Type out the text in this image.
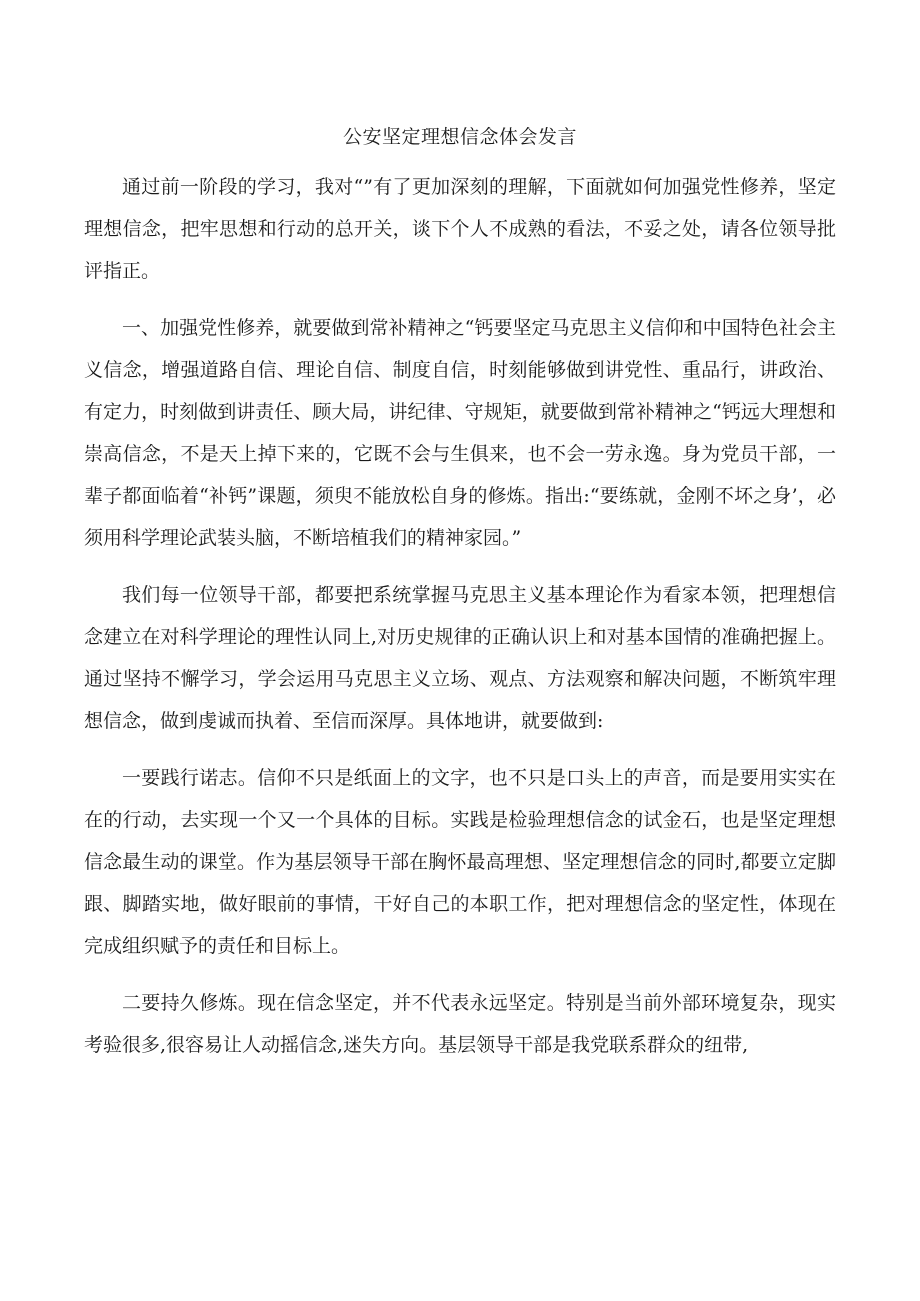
公安坚定理想信念体会发言

通过前一阶段的学习，我对“”有了更加深刻的理解，下面就如何加强党性修养，坚定理想信念，把牢思想和行动的总开关，谈下个人不成熟的看法，不妥之处，请各位领导批评指正。

一、加强党性修养，就要做到常补精神之“钙要坚定马克思主义信仰和中国特色社会主义信念，增强道路自信、理论自信、制度自信，时刻能够做到讲党性、重品行，讲政治、有定力，时刻做到讲责任、顾大局，讲纪律、守规矩，就要做到常补精神之“钙远大理想和崇高信念，不是天上掉下来的，它既不会与生俱来，也不会一劳永逸。身为党员干部，一辈子都面临着“补钙”课题，须臾不能放松自身的修炼。指出:“要练就，金刚不坏之身’，必须用科学理论武装头脑，不断培植我们的精神家园。”

我们每一位领导干部，都要把系统掌握马克思主义基本理论作为看家本领，把理想信念建立在对科学理论的理性认同上,对历史规律的正确认识上和对基本国情的准确把握上。通过坚持不懈学习，学会运用马克思主义立场、观点、方法观察和解决问题，不断筑牢理想信念，做到虔诚而执着、至信而深厚。具体地讲，就要做到:

一要践行诺志。信仰不只是纸面上的文字，也不只是口头上的声音，而是要用实实在在的行动，去实现一个又一个具体的目标。实践是检验理想信念的试金石，也是坚定理想信念最生动的课堂。作为基层领导干部在胸怀最高理想、坚定理想信念的同时,都要立定脚跟、脚踏实地，做好眼前的事情，干好自己的本职工作，把对理想信念的坚定性，体现在完成组织赋予的责任和目标上。

二要持久修炼。现在信念坚定，并不代表永远坚定。特别是当前外部环境复杂，现实考验很多,很容易让人动摇信念,迷失方向。基层领导干部是我党联系群众的纽带,
